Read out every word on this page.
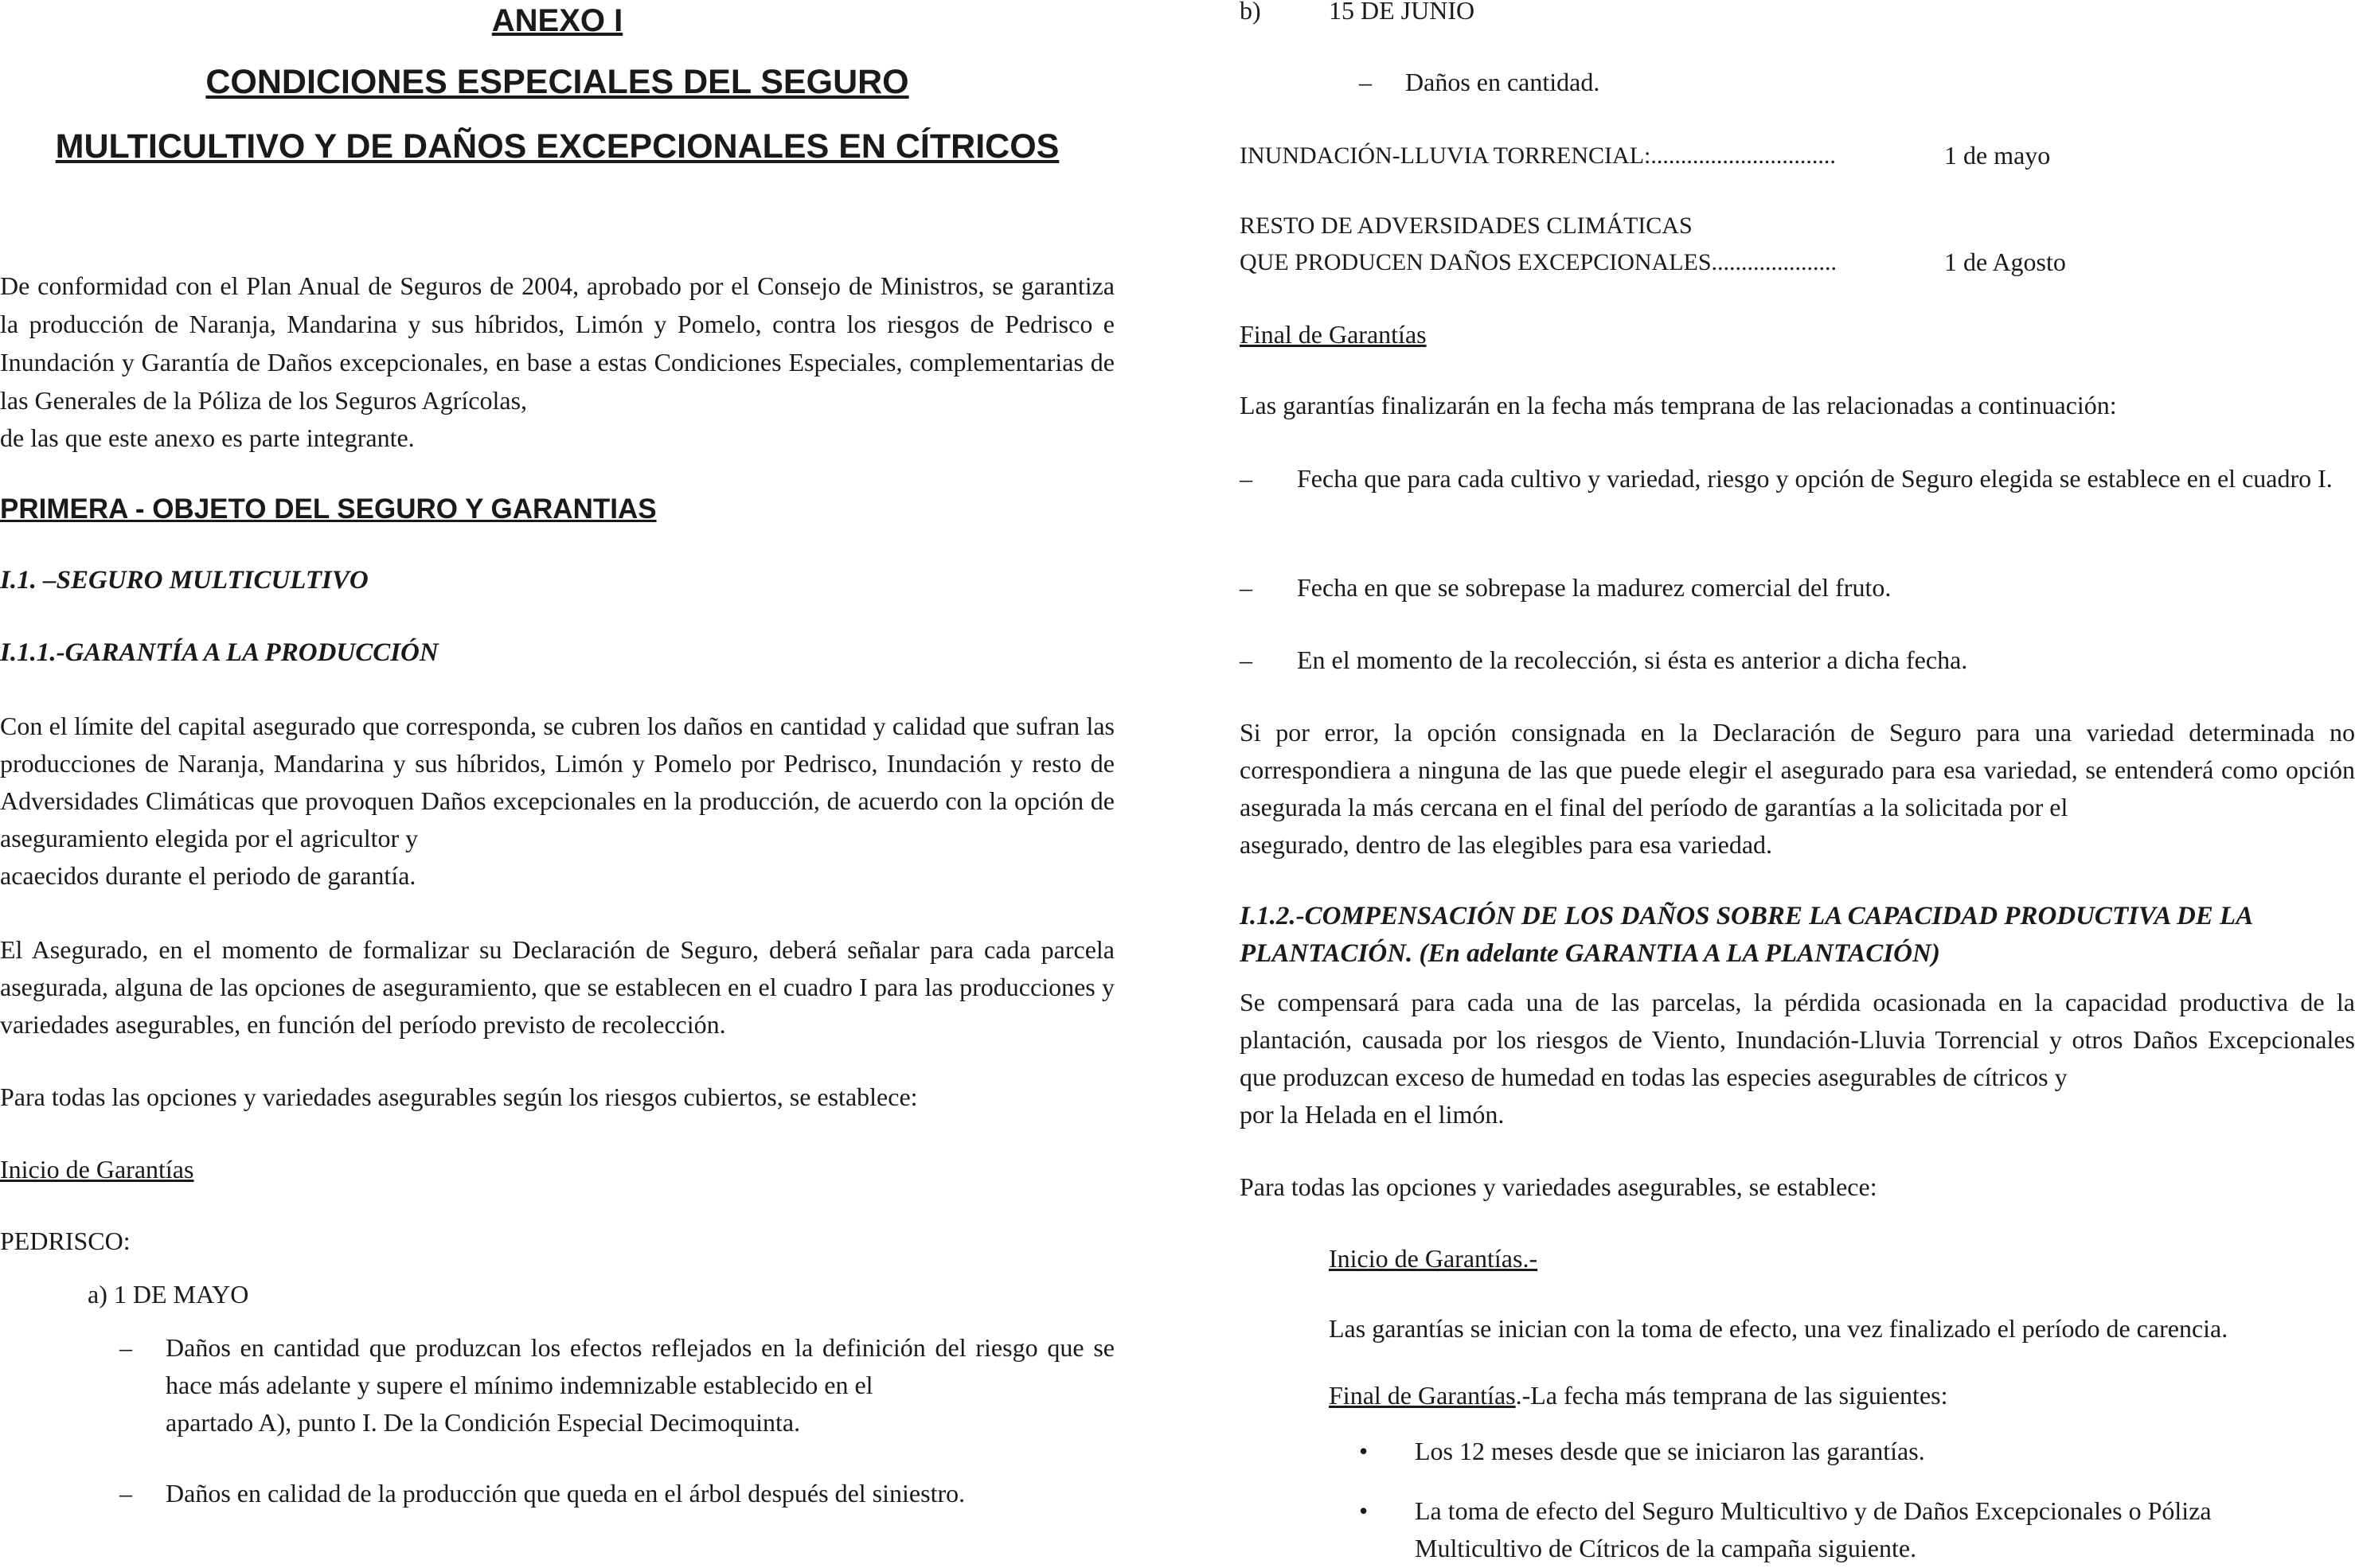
ANEXO I
CONDICIONES ESPECIALES DEL SEGURO
MULTICULTIVO Y DE DAÑOS EXCEPCIONALES EN CÍTRICOS

De conformidad con el Plan Anual de Seguros de 2004, aprobado por el Consejo de Ministros, se garantiza la producción de Naranja, Mandarina y sus híbridos, Limón y Pomelo, contra los riesgos de Pedrisco e Inundación y Garantía de Daños excepcionales, en base a estas Condiciones Especiales, complementarias de las Generales de la Póliza de los Seguros Agrícolas,

de las que este anexo es parte integrante.

PRIMERA - OBJETO DEL SEGURO Y GARANTIAS
I.1. –SEGURO MULTICULTIVO
I.1.1.-GARANTÍA A LA PRODUCCIÓN

Con el límite del capital asegurado que corresponda, se cubren los daños en cantidad y calidad que sufran las producciones de Naranja, Mandarina y sus híbridos, Limón y Pomelo por Pedrisco, Inundación y resto de Adversidades Climáticas que provoquen Daños excepcionales en la producción, de acuerdo con la opción de aseguramiento elegida por el agricultor y

acaecidos durante el periodo de garantía.

El Asegurado, en el momento de formalizar su Declaración de Seguro, deberá señalar para cada parcela asegurada, alguna de las opciones de aseguramiento, que se establecen en el cuadro I para las producciones y variedades asegurables, en función del período previsto de recolección.

Para todas las opciones y variedades asegurables según los riesgos cubiertos, se establece:

Inicio de Garantías
PEDRISCO:
a) 1 DE MAYO
– Daños en cantidad que produzcan los efectos reflejados en la definición del riesgo que se hace más adelante y supere el mínimo indemnizable establecido en el

apartado A), punto I. De la Condición Especial Decimoquinta.

– Daños en calidad de la producción que queda en el árbol después del siniestro.

b)	15 DE JUNIO
– Daños en cantidad.

INUNDACIÓN-LLUVIA TORRENCIAL:...............................	1 de mayo
RESTO DE ADVERSIDADES CLIMÁTICAS
QUE PRODUCEN DAÑOS EXCEPCIONALES.....................	1 de Agosto
Final de Garantías

Las garantías finalizarán en la fecha más temprana de las relacionadas a continuación:

– Fecha que para cada cultivo y variedad, riesgo y opción de Seguro elegida se establece en el cuadro I.

– Fecha en que se sobrepase la madurez comercial del fruto.

– En el momento de la recolección, si ésta es anterior a dicha fecha.

Si por error, la opción consignada en la Declaración de Seguro para una variedad determinada no correspondiera a ninguna de las que puede elegir el asegurado para esa variedad, se entenderá como opción asegurada la más cercana en el final del período de garantías a la solicitada por el

asegurado, dentro de las elegibles para esa variedad.

I.1.2.-COMPENSACIÓN DE LOS DAÑOS SOBRE LA CAPACIDAD PRODUCTIVA DE LA
PLANTACIÓN. (En adelante GARANTIA A LA PLANTACIÓN)

Se compensará para cada una de las parcelas, la pérdida ocasionada en la capacidad productiva de la plantación, causada por los riesgos de Viento, Inundación-Lluvia Torrencial y otros Daños Excepcionales que produzcan exceso de humedad en todas las especies asegurables de cítricos y

por la Helada en el limón.

Para todas las opciones y variedades asegurables, se establece:

Inicio de Garantías.-

Las garantías se inician con la toma de efecto, una vez finalizado el período de carencia.

Final de Garantías.-La fecha más temprana de las siguientes:
• Los 12 meses desde que se iniciaron las garantías.

• La toma de efecto del Seguro Multicultivo y de Daños Excepcionales o Póliza

Multicultivo de Cítricos de la campaña siguiente.
